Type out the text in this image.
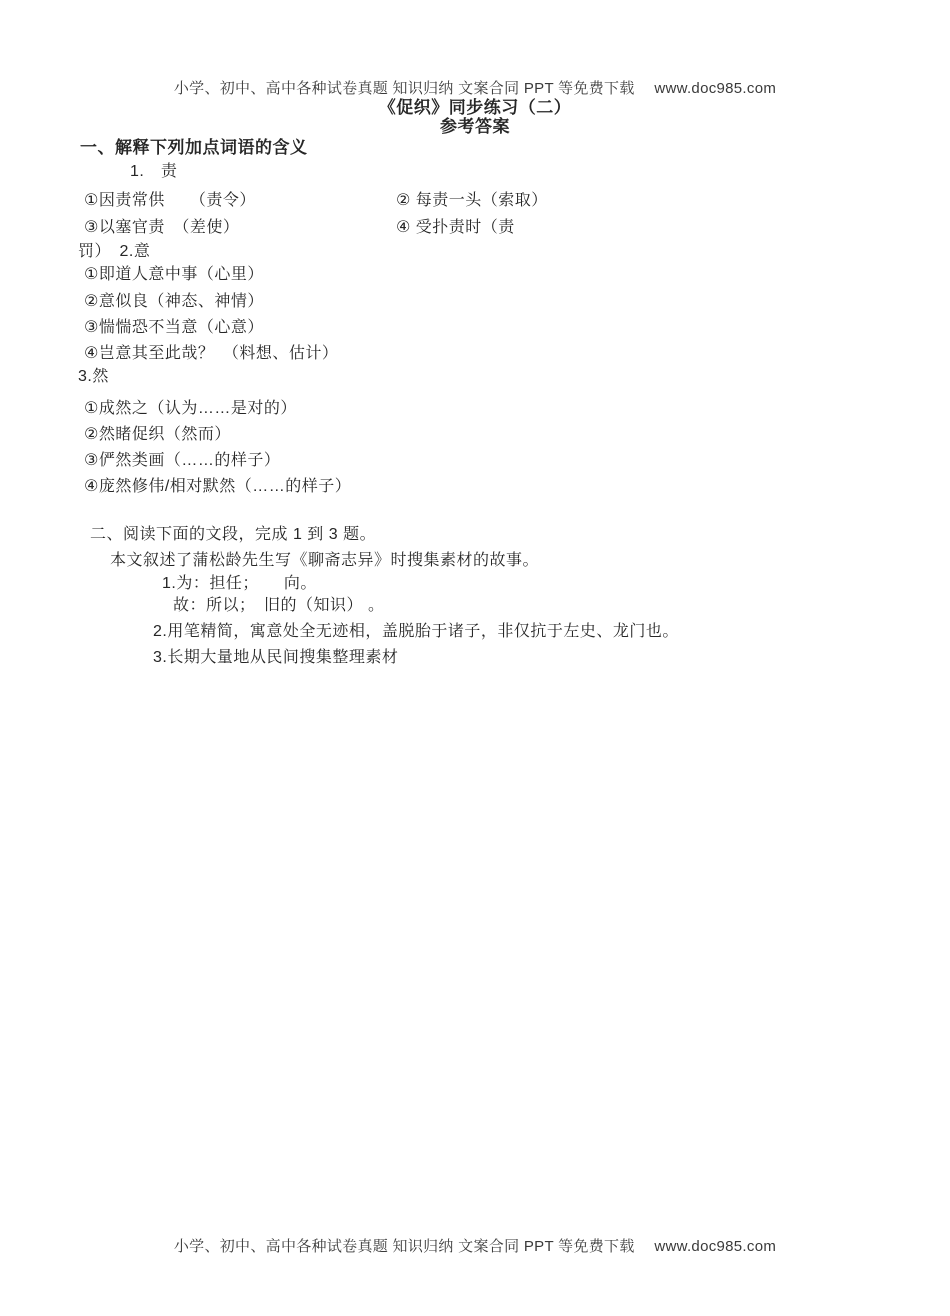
小学、初中、高中各种试卷真题 知识归纳 文案合同 PPT 等免费下载　 www.doc985.com
《促织》同步练习（二）
参考答案
一、解释下列加点词语的含义
1.　责
①因责常供　　（责令）	② 每责一头（索取）
③以塞官责　（差使）	④ 受扑责时（责
罚）　2.意
①即道人意中事（心里）
②意似良（神态、神情）
③惴惴恐不当意（心意）
④岂意其至此哉？　（料想、估计）
3.然
①成然之（认为……是对的）
②然睹促织（然而）
③俨然类画（……的样子）
④庞然修伟/相对默然（……的样子）
二、阅读下面的文段，完成 1 到 3 题。
本文叙述了蒲松龄先生写《聊斋志异》时搜集素材的故事。
1.为：担任；　　向。
故：所以；　旧的（知识） 。
2.用笔精简，寓意处全无迹相，盖脱胎于诸子，非仅抗于左史、龙门也。
3.长期大量地从民间搜集整理素材
小学、初中、高中各种试卷真题 知识归纳 文案合同 PPT 等免费下载　 www.doc985.com
